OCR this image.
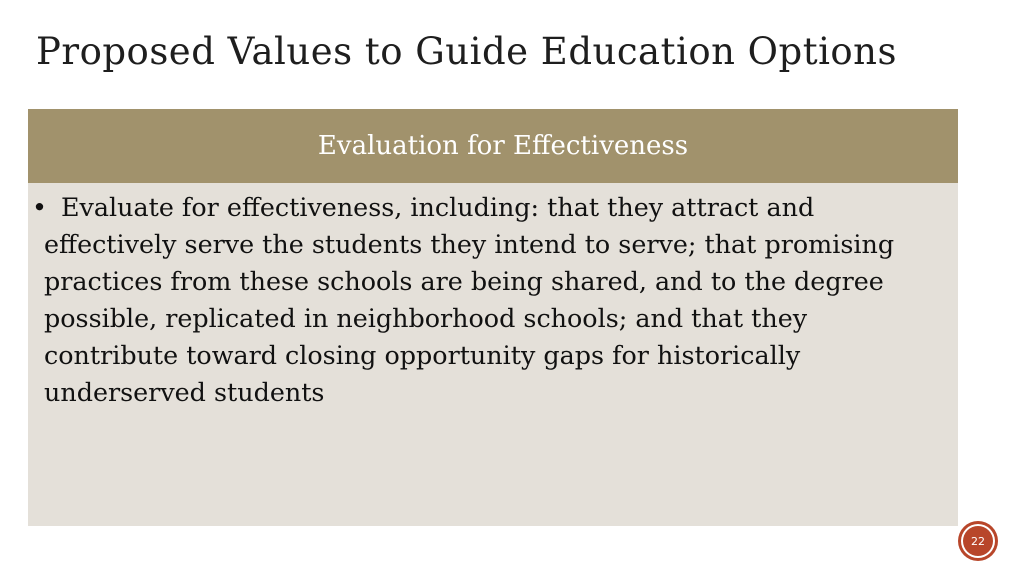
Proposed Values to Guide Education Options
Evaluation for Effectiveness
• Evaluate for effectiveness, including: that they attract and effectively serve the students they intend to serve; that promising practices from these schools are being shared, and to the degree possible, replicated in neighborhood schools; and that they contribute toward closing opportunity gaps for historically underserved students
22
